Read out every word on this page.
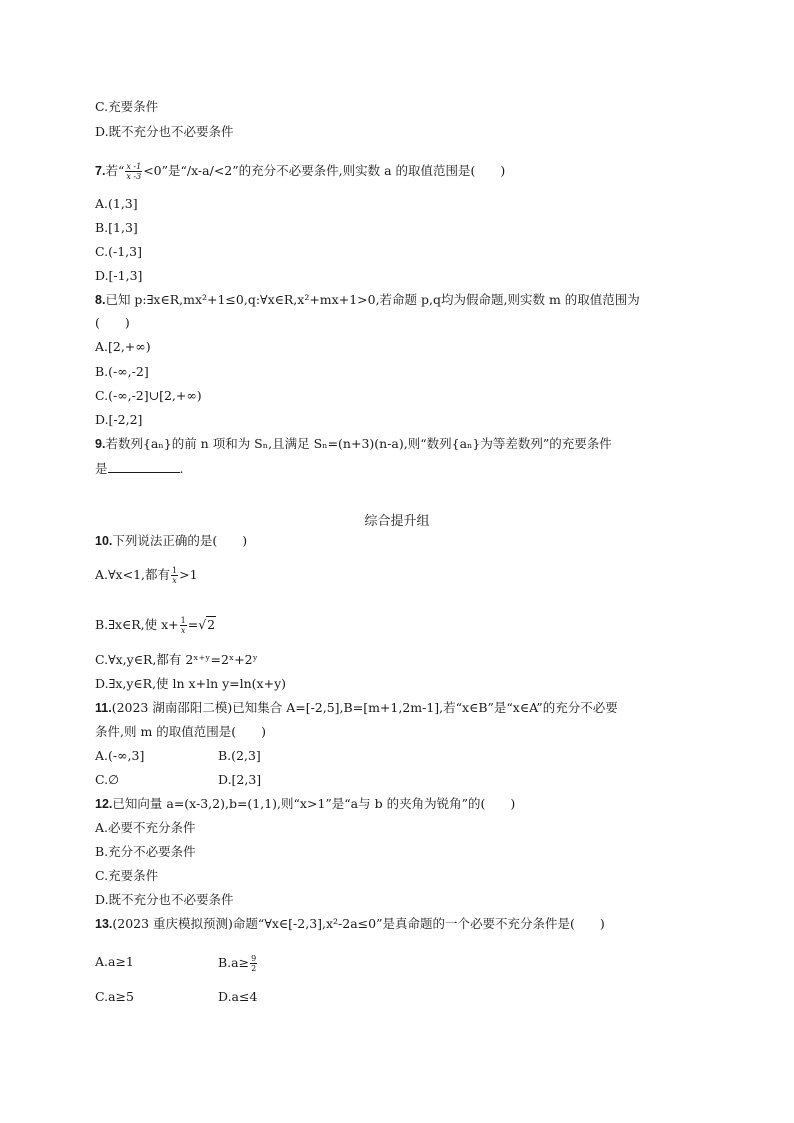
C.充要条件
D.既不充分也不必要条件
7.若“ $\frac{x -1}{x -3} <0$”是“/x-a/<2”的充分不必要条件,则实数 a 的取值范围是(　　)
A.(1,3]
B.[1,3]
C.(-1,3]
D.[-1,3]
8.已知 p:∃x∈R,mx²+1≤0,q:∀x∈R,x²+mx+1>0,若命题 p,q均为假命题,则实数 m 的取值范围为
(　　)
A.[2,+∞)
B.(-∞,-2]
C.(-∞,-2]∪[2,+∞)
D.[-2,2]
9.若数列{aₙ}的前 n 项和为 Sₙ,且满足 Sₙ=(n+3)(n-a),则“数列{aₙ}为等差数列”的充要条件
是	.
综合提升组
10.下列说法正确的是(　　)
A.∀x<1,都有 $\frac{1}{x} >1$
B.∃x∈R,使 $x+ \frac{1}{x} =√2$
C.∀x,y∈R,都有 2ˣ⁺ʸ=2ˣ+2ʸ
D.∃x,y∈R,使 ln x+ln y=ln(x+y)
11.(2023 湖南邵阳二模)已知集合 A=[-2,5],B=[m+1,2m-1],若“x∈B”是“x∈A”的充分不必要
条件,则 m 的取值范围是(　　)
A.(-∞,3]	B.(2,3]
C.∅	D.[2,3]
12.已知向量 a=(x-3,2),b=(1,1),则“x>1”是“a与 b 的夹角为锐角”的(　　)
A.必要不充分条件
B.充分不必要条件
C.充要条件
D.既不充分也不必要条件
13.(2023 重庆模拟预测)命题“∀x∈[-2,3],x²-2a≤0”是真命题的一个必要不充分条件是(　　)
A.a≥1	$B.a\ge \frac{9}{2}$
C.a≥5	D.a≤4
